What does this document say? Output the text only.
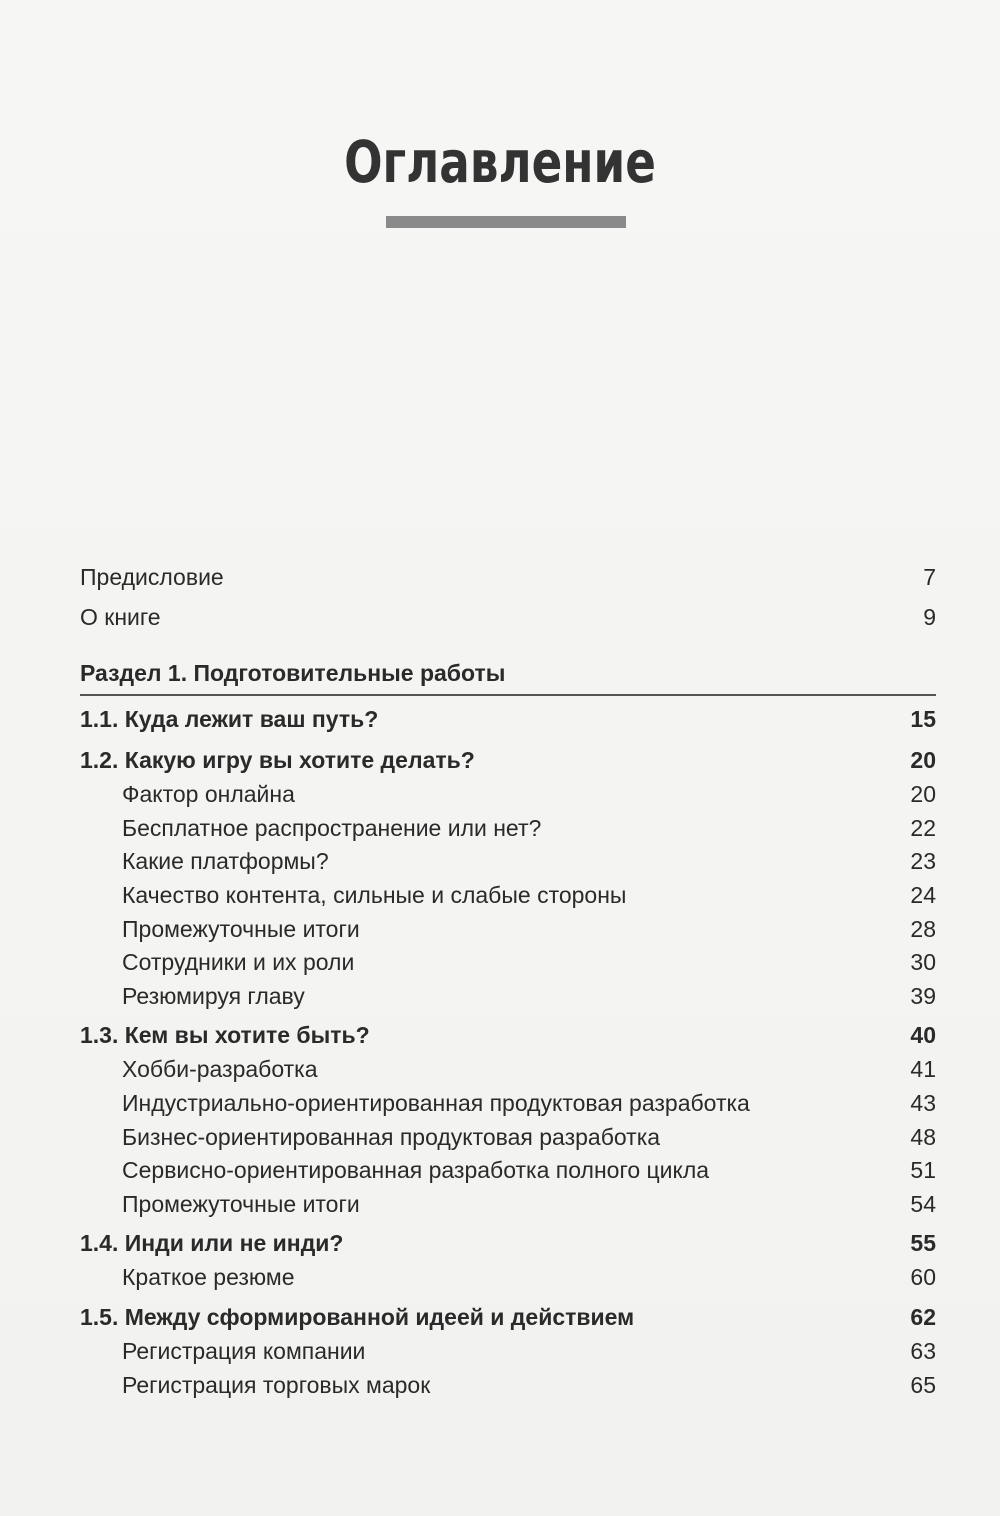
Оглавление
Предисловие	7
О книге	9
Раздел 1. Подготовительные работы
1.1. Куда лежит ваш путь?	15
1.2. Какую игру вы хотите делать?	20
Фактор онлайна	20
Бесплатное распространение или нет?	22
Какие платформы?	23
Качество контента, сильные и слабые стороны	24
Промежуточные итоги	28
Сотрудники и их роли	30
Резюмируя главу	39
1.3. Кем вы хотите быть?	40
Хобби-разработка	41
Индустриально-ориентированная продуктовая разработка	43
Бизнес-ориентированная продуктовая разработка	48
Сервисно-ориентированная разработка полного цикла	51
Промежуточные итоги	54
1.4. Инди или не инди?	55
Краткое резюме	60
1.5. Между сформированной идеей и действием	62
Регистрация компании	63
Регистрация торговых марок	65
